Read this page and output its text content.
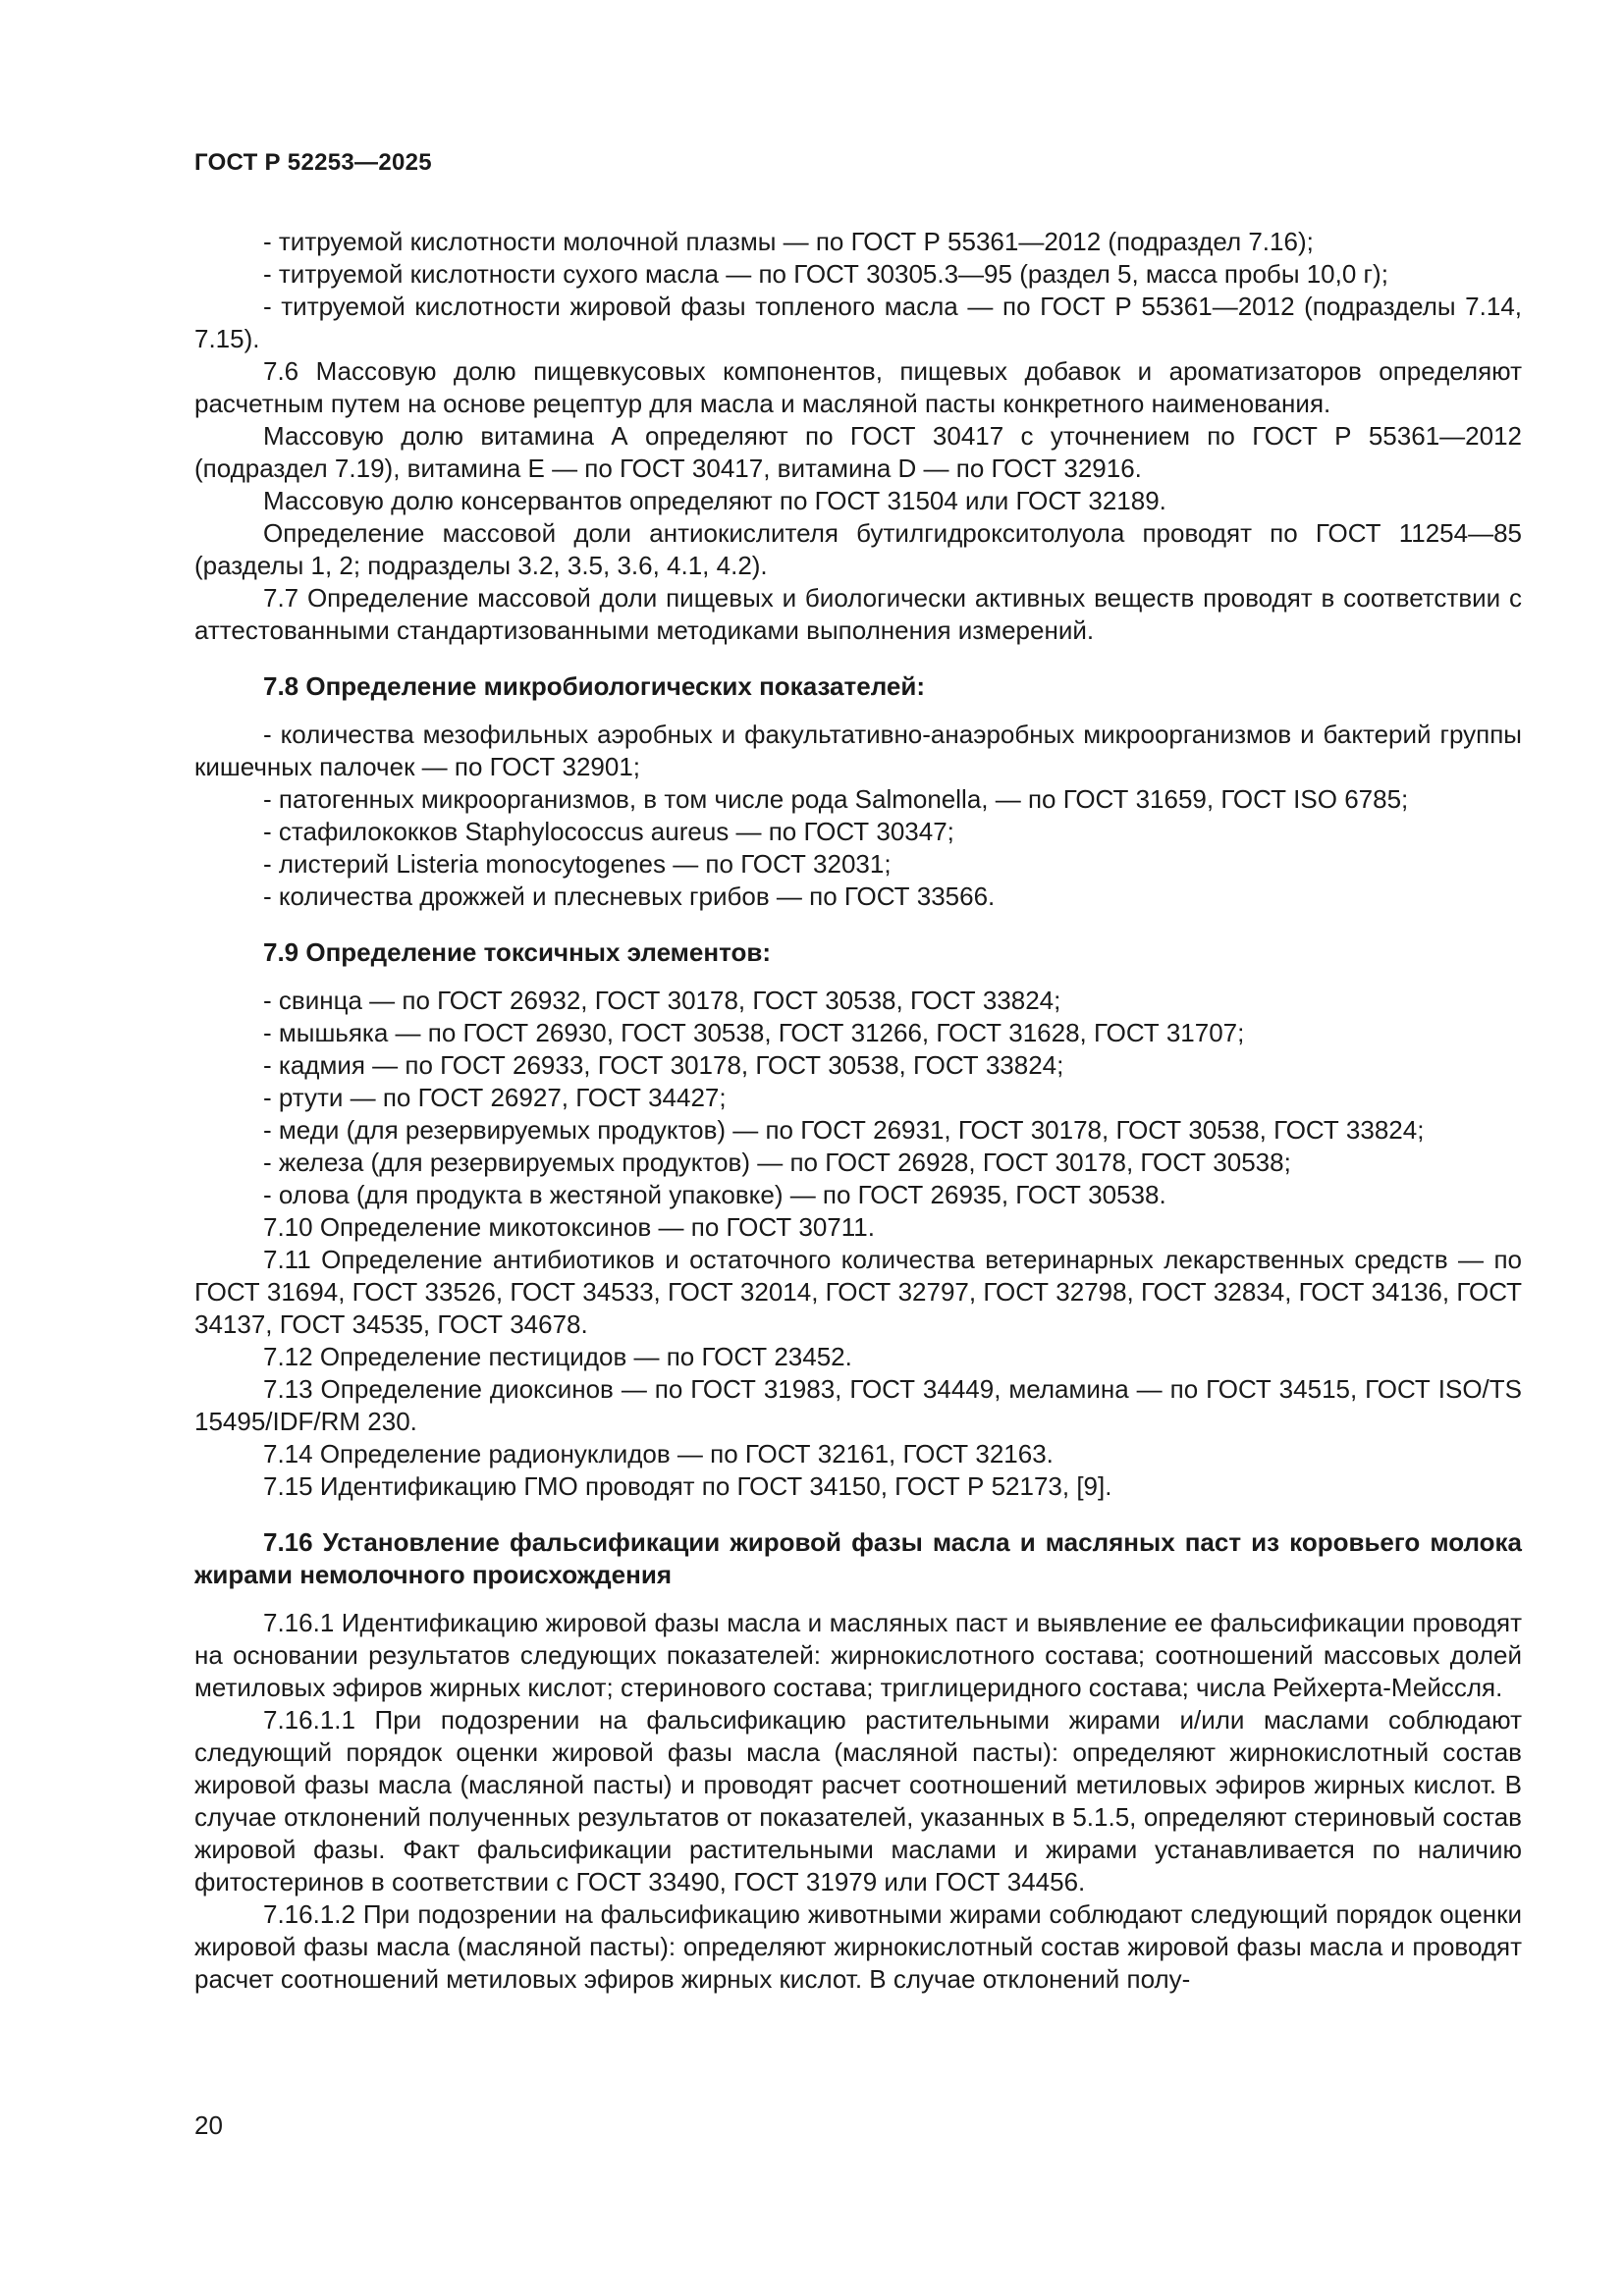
ГОСТ Р 52253—2025

- титруемой кислотности молочной плазмы — по ГОСТ Р 55361—2012 (подраздел 7.16);

- титруемой кислотности сухого масла — по ГОСТ 30305.3—95 (раздел 5, масса пробы 10,0 г);

- титруемой кислотности жировой фазы топленого масла — по ГОСТ Р 55361—2012 (подразделы 7.14, 7.15).

7.6 Массовую долю пищевкусовых компонентов, пищевых добавок и ароматизаторов определяют расчетным путем на основе рецептур для масла и масляной пасты конкретного наименования.

Массовую долю витамина А определяют по ГОСТ 30417 с уточнением по ГОСТ Р 55361—2012 (подраздел 7.19), витамина Е — по ГОСТ 30417, витамина D — по ГОСТ 32916.

Массовую долю консервантов определяют по ГОСТ 31504 или ГОСТ 32189.

Определение массовой доли антиокислителя бутилгидрокситолуола проводят по ГОСТ 11254—85 (разделы 1, 2; подразделы 3.2, 3.5, 3.6, 4.1, 4.2).

7.7 Определение массовой доли пищевых и биологически активных веществ проводят в соответствии с аттестованными стандартизованными методиками выполнения измерений.

7.8 Определение микробиологических показателей:

- количества мезофильных аэробных и факультативно-анаэробных микроорганизмов и бактерий группы кишечных палочек — по ГОСТ 32901;

- патогенных микроорганизмов, в том числе рода Salmonella, — по ГОСТ 31659, ГОСТ ISO 6785;

- стафилококков Staphylococcus aureus — по ГОСТ 30347;

- листерий Listeria monocytogenes — по ГОСТ 32031;

- количества дрожжей и плесневых грибов — по ГОСТ 33566.

7.9 Определение токсичных элементов:

- свинца — по ГОСТ 26932, ГОСТ 30178, ГОСТ 30538, ГОСТ 33824;

- мышьяка — по ГОСТ 26930, ГОСТ 30538, ГОСТ 31266, ГОСТ 31628, ГОСТ 31707;

- кадмия — по ГОСТ 26933, ГОСТ 30178, ГОСТ 30538, ГОСТ 33824;

- ртути — по ГОСТ 26927, ГОСТ 34427;

- меди (для резервируемых продуктов) — по ГОСТ 26931, ГОСТ 30178, ГОСТ 30538, ГОСТ 33824;

- железа (для резервируемых продуктов) — по ГОСТ 26928, ГОСТ 30178, ГОСТ 30538;

- олова (для продукта в жестяной упаковке) — по ГОСТ 26935, ГОСТ 30538.

7.10 Определение микотоксинов — по ГОСТ 30711.

7.11 Определение антибиотиков и остаточного количества ветеринарных лекарственных средств — по ГОСТ 31694, ГОСТ 33526, ГОСТ 34533, ГОСТ 32014, ГОСТ 32797, ГОСТ 32798, ГОСТ 32834, ГОСТ 34136, ГОСТ 34137, ГОСТ 34535, ГОСТ 34678.

7.12 Определение пестицидов — по ГОСТ 23452.

7.13 Определение диоксинов — по ГОСТ 31983, ГОСТ 34449, меламина — по ГОСТ 34515, ГОСТ ISO/TS 15495/IDF/RM 230.

7.14 Определение радионуклидов — по ГОСТ 32161, ГОСТ 32163.

7.15 Идентификацию ГМО проводят по ГОСТ 34150, ГОСТ Р 52173, [9].

7.16 Установление фальсификации жировой фазы масла и масляных паст из коровьего молока жирами немолочного происхождения

7.16.1 Идентификацию жировой фазы масла и масляных паст и выявление ее фальсификации проводят на основании результатов следующих показателей: жирнокислотного состава; соотношений массовых долей метиловых эфиров жирных кислот; стеринового состава; триглицеридного состава; числа Рейхерта-Мейссля.

7.16.1.1 При подозрении на фальсификацию растительными жирами и/или маслами соблюдают следующий порядок оценки жировой фазы масла (масляной пасты): определяют жирнокислотный состав жировой фазы масла (масляной пасты) и проводят расчет соотношений метиловых эфиров жирных кислот. В случае отклонений полученных результатов от показателей, указанных в 5.1.5, определяют стериновый состав жировой фазы. Факт фальсификации растительными маслами и жирами устанавливается по наличию фитостеринов в соответствии с ГОСТ 33490, ГОСТ 31979 или ГОСТ 34456.

7.16.1.2 При подозрении на фальсификацию животными жирами соблюдают следующий порядок оценки жировой фазы масла (масляной пасты): определяют жирнокислотный состав жировой фазы масла и проводят расчет соотношений метиловых эфиров жирных кислот. В случае отклонений полу-

20
